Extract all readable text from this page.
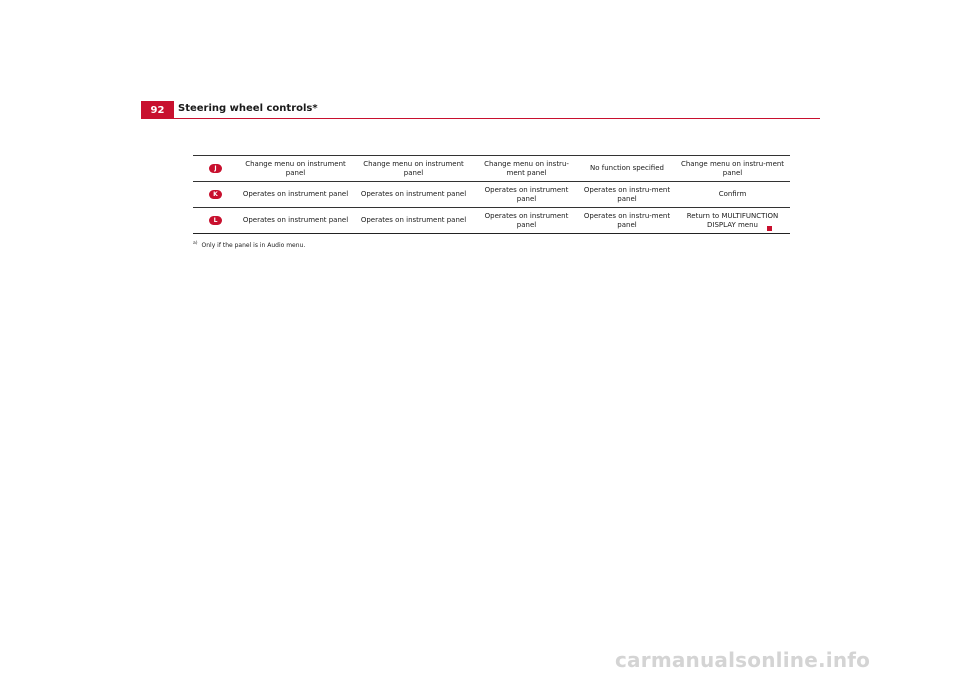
92	Steering wheel controls*
J	Change menu on instrument panel	Change menu on instrument panel	Change menu on instru-ment panel	No function specified	Change menu on instru-ment panel
K	Operates on instrument panel	Operates on instrument panel	Operates on instrument panel	Operates on instru-ment panel	Confirm
L	Operates on instrument panel	Operates on instrument panel	Operates on instrument panel	Operates on instru-ment panel	Return to MULTIFUNCTION DISPLAY menu
$^{a)}$ Only if the panel is in Audio menu.
carmanualsonline.info
